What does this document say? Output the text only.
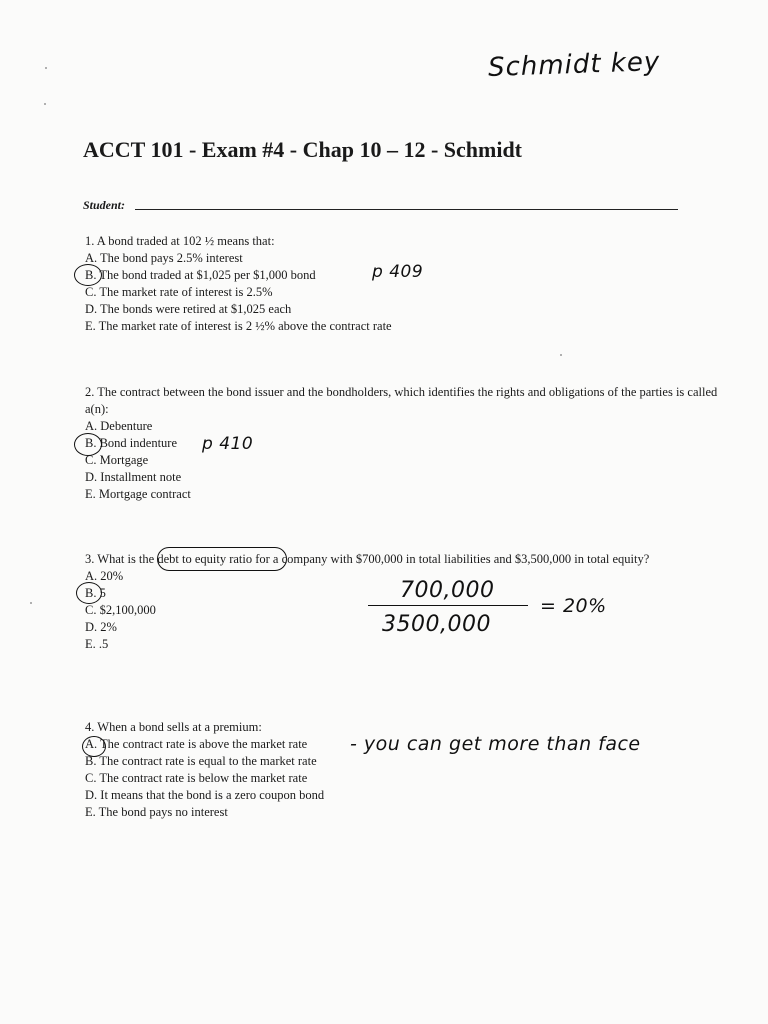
Schmidt key
ACCT 101 - Exam #4 - Chap 10 – 12 - Schmidt
Student:
1. A bond traded at 102 ½ means that:
A. The bond pays 2.5% interest
B. The bond traded at $1,025 per $1,000 bond
C. The market rate of interest is 2.5%
D. The bonds were retired at $1,025 each
E. The market rate of interest is 2 ½% above the contract rate
p 409
2. The contract between the bond issuer and the bondholders, which identifies the rights and obligations of the parties is called a(n):
A. Debenture
B. Bond indenture
C. Mortgage
D. Installment note
E. Mortgage contract
p 410
3. What is the debt to equity ratio for a company with $700,000 in total liabilities and $3,500,000 in total equity?
A. 20%
B. 5
C. $2,100,000
D. 2%
E. .5
700,000
3500,000
= 20%
4. When a bond sells at a premium:
A. The contract rate is above the market rate
B. The contract rate is equal to the market rate
C. The contract rate is below the market rate
D. It means that the bond is a zero coupon bond
E. The bond pays no interest
- you can get more than face
